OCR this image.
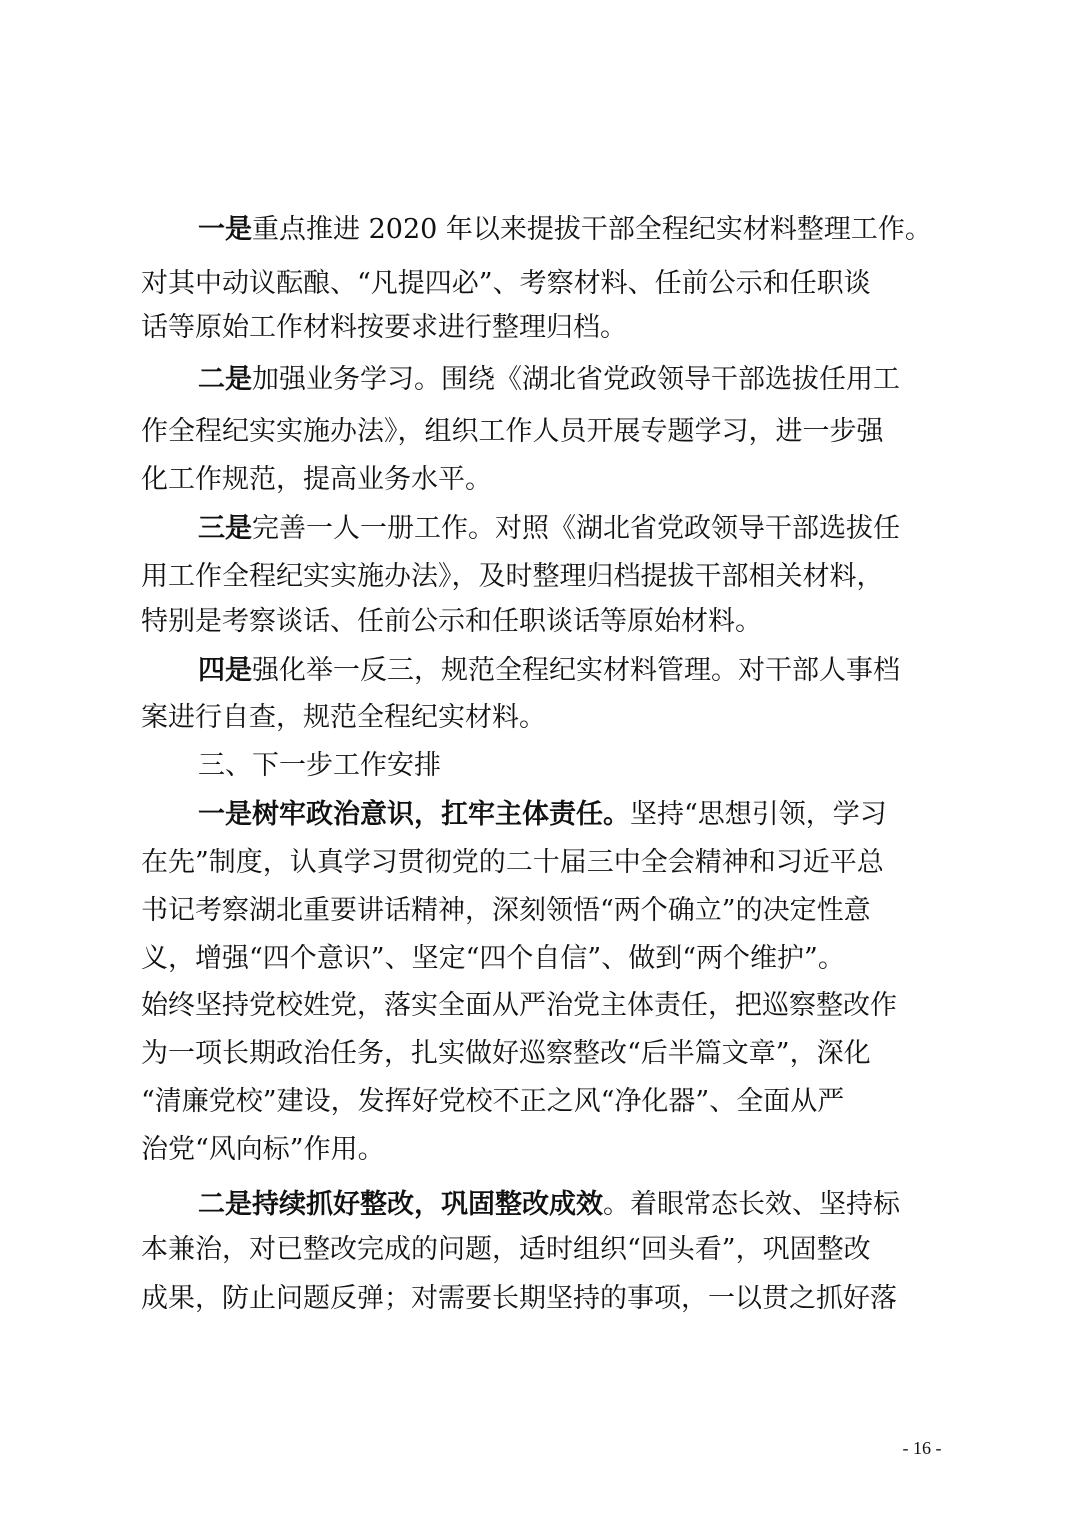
一是重点推进 2020 年以来提拔干部全程纪实材料整理工作。
对其中动议酝酿、“凡提四必”、考察材料、任前公示和任职谈
话等原始工作材料按要求进行整理归档。
二是加强业务学习。围绕《湖北省党政领导干部选拔任用工
作全程纪实实施办法》，组织工作人员开展专题学习，进一步强
化工作规范，提高业务水平。
三是完善一人一册工作。对照《湖北省党政领导干部选拔任
用工作全程纪实实施办法》，及时整理归档提拔干部相关材料，
特别是考察谈话、任前公示和任职谈话等原始材料。
四是强化举一反三，规范全程纪实材料管理。对干部人事档
案进行自查，规范全程纪实材料。
三、下一步工作安排
一是树牢政治意识，扛牢主体责任。坚持“思想引领，学习
在先”制度，认真学习贯彻党的二十届三中全会精神和习近平总
书记考察湖北重要讲话精神，深刻领悟“两个确立”的决定性意
义，增强“四个意识”、坚定“四个自信”、做到“两个维护”。
始终坚持党校姓党，落实全面从严治党主体责任，把巡察整改作
为一项长期政治任务，扎实做好巡察整改“后半篇文章”，深化
“清廉党校”建设，发挥好党校不正之风“净化器”、全面从严
治党“风向标”作用。
二是持续抓好整改，巩固整改成效。着眼常态长效、坚持标
本兼治，对已整改完成的问题，适时组织“回头看”，巩固整改
成果，防止问题反弹；对需要长期坚持的事项，一以贯之抓好落
- 16 -
